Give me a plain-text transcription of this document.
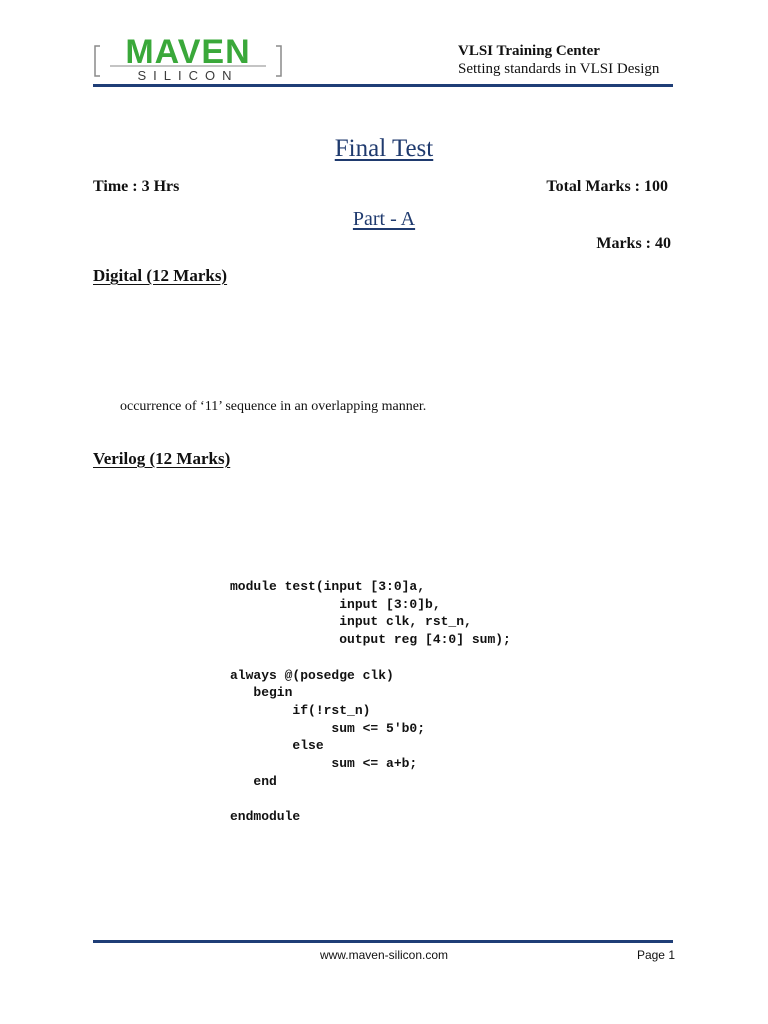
MAVEN
SILICON
VLSI Training Center
Setting standards in VLSI Design
Final Test
Time : 3 Hrs	Total Marks : 100
Part - A
Marks : 40
Digital (12 Marks)
occurrence of ‘11’ sequence in an overlapping manner.
Verilog (12 Marks)
module test(input [3:0]a,
input [3:0]b,
input clk, rst_n,
output reg [4:0] sum);

always @(posedge clk)
begin
if(!rst_n)
sum <= 5'b0;
else
sum <= a+b;
end

endmodule
www.maven-silicon.com	Page 1
